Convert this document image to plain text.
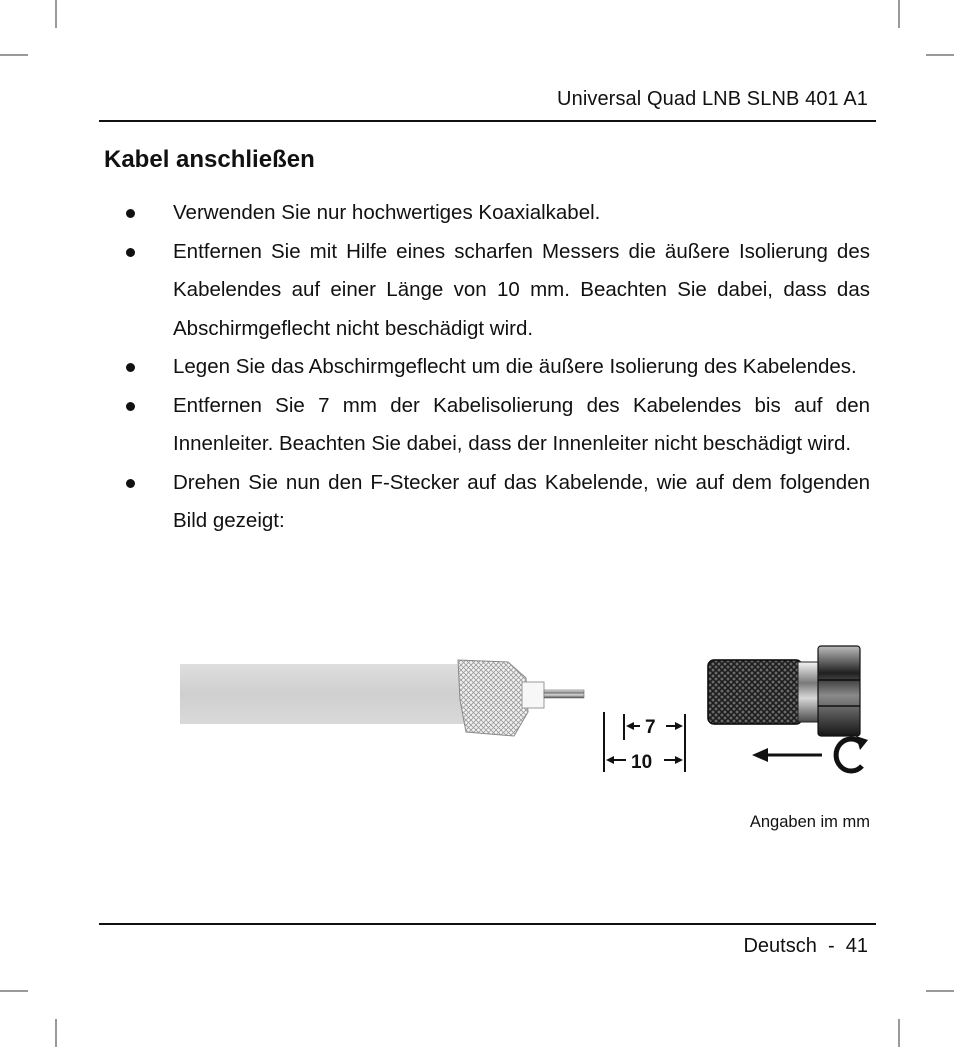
Universal Quad LNB SLNB 401 A1
Kabel anschließen
Verwenden Sie nur hochwertiges Koaxialkabel.
Entfernen Sie mit Hilfe eines scharfen Messers die äußere Isolierung des Kabelendes auf einer Länge von 10 mm. Beachten Sie dabei, dass das Abschirmgeflecht nicht beschädigt wird.
Legen Sie das Abschirmgeflecht um die äußere Isolierung des Kabelendes.
Entfernen Sie 7 mm der Kabelisolierung des Kabelendes bis auf den Innenleiter. Beachten Sie dabei, dass der Innenleiter nicht beschädigt wird.
Drehen Sie nun den F-Stecker auf das Kabelende, wie auf dem folgenden Bild gezeigt:
7
10
Angaben im mm
Deutsch - 41
